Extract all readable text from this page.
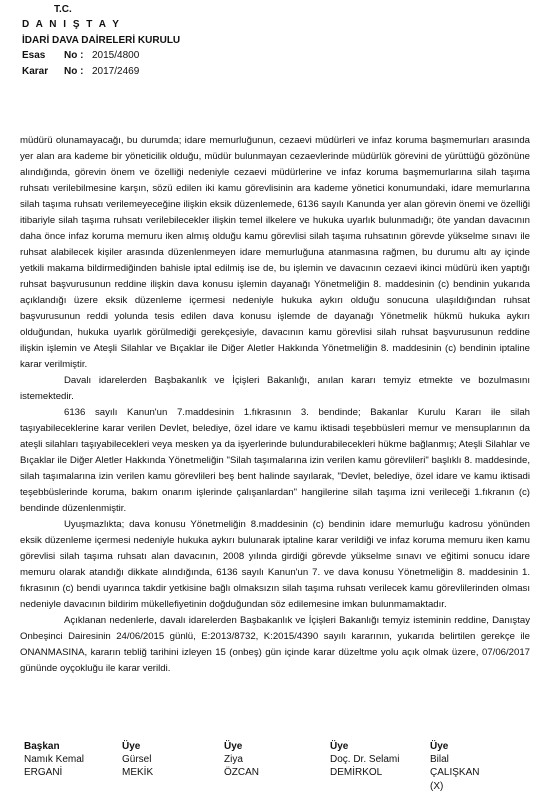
T.C.
D A N I Ş T A Y
İDARİ DAVA DAİRELERİ KURULU
Esas No : 2015/4800
Karar No : 2017/2469

müdürü olunamayacağı, bu durumda; idare memurluğunun, cezaevi müdürleri ve infaz koruma başmemurları arasında yer alan ara kademe bir yöneticilik olduğu, müdür bulunmayan cezaevlerinde müdürlük görevini de yürüttüğü gözönüne alındığında, görevin önem ve özelliği nedeniyle cezaevi müdürlerine ve infaz koruma başmemurlarına silah taşıma ruhsatı verilebilmesine karşın, sözü edilen iki kamu görevlisinin ara kademe yönetici konumundaki, idare memurlarına silah taşıma ruhsatı verilemeyeceğine ilişkin eksik düzenlemede, 6136 sayılı Kanunda yer alan görevin önemi ve özelliği itibariyle silah taşıma ruhsatı verilebilecekler ilişkin temel ilkelere ve hukuka uyarlık bulunmadığı; öte yandan davacının daha önce infaz koruma memuru iken almış olduğu kamu görevlisi silah taşıma ruhsatının görevde yükselme sınavı ile ruhsat alabilecek kişiler arasında düzenlenmeyen idare memurluğuna atanmasına rağmen, bu durumu altı ay içinde yetkili makama bildirmediğinden bahisle iptal edilmiş ise de, bu işlemin ve davacının cezaevi ikinci müdürü iken yaptığı ruhsat başvurusunun reddine ilişkin dava konusu işlemin dayanağı Yönetmeliğin 8. maddesinin (c) bendinin yukarıda açıklandığı üzere eksik düzenleme içermesi nedeniyle hukuka aykırı olduğu sonucuna ulaşıldığından ruhsat başvurusunun reddi yolunda tesis edilen dava konusu işlemde de dayanağı Yönetmelik hükmü hukuka aykırı olduğundan, hukuka uyarlık görülmediği gerekçesiyle, davacının kamu görevlisi silah ruhsat başvurusunun reddine ilişkin işlemin ve Ateşli Silahlar ve Bıçaklar ile Diğer Aletler Hakkında Yönetmeliğin 8. maddesinin (c) bendinin iptaline karar verilmiştir.

Davalı idarelerden Başbakanlık ve İçişleri Bakanlığı, anılan kararı temyiz etmekte ve bozulmasını istemektedir.

6136 sayılı Kanun'un 7.maddesinin 1.fıkrasının 3. bendinde; Bakanlar Kurulu Kararı ile silah taşıyabileceklerine karar verilen Devlet, belediye, özel idare ve kamu iktisadi teşebbüsleri memur ve mensuplarının da ateşli silahları taşıyabilecekleri veya mesken ya da işyerlerinde bulundurabilecekleri hükme bağlanmış; Ateşli Silahlar ve Bıçaklar ile Diğer Aletler Hakkında Yönetmeliğin "Silah taşımalarına izin verilen kamu görevlileri" başlıklı 8. maddesinde, silah taşımalarına izin verilen kamu görevlileri beş bent halinde sayılarak, "Devlet, belediye, özel idare ve kamu iktisadi teşebbüslerinde koruma, bakım onarım işlerinde çalışanlardan" hangilerine silah taşıma izni verileceği 1.fıkranın (c) bendinde düzenlenmiştir.

Uyuşmazlıkta; dava konusu Yönetmeliğin 8.maddesinin (c) bendinin idare memurluğu kadrosu yönünden eksik düzenleme içermesi nedeniyle hukuka aykırı bulunarak iptaline karar verildiği ve infaz koruma memuru iken kamu görevlisi silah taşıma ruhsatı alan davacının, 2008 yılında girdiği görevde yükselme sınavı ve eğitimi sonucu idare memuru olarak atandığı dikkate alındığında, 6136 sayılı Kanun'un 7. ve dava konusu Yönetmeliğin 8. maddesinin 1. fıkrasının (c) bendi uyarınca takdir yetkisine bağlı olmaksızın silah taşıma ruhsatı verilecek kamu görevlilerinden olması nedeniyle davacının bildirim mükellefiyetinin doğduğundan söz edilemesine imkan bulunmamaktadır.

Açıklanan nedenlerle, davalı idarelerden Başbakanlık ve İçişleri Bakanlığı temyiz isteminin reddine, Danıştay Onbeşinci Dairesinin 24/06/2015 günlü, E:2013/8732, K:2015/4390 sayılı kararının, yukarıda belirtilen gerekçe ile ONANMASINA, kararın tebliğ tarihini izleyen 15 (onbeş) gün içinde karar düzeltme yolu açık olmak üzere, 07/06/2017 gününde oyçokluğu ile karar verildi.

Başkan
Namık Kemal
ERGANİ
Üye
Gürsel
MEKİK
Üye
Ziya
ÖZCAN
Üye
Doç. Dr. Selami
DEMİRKOL
Üye
Bilal
ÇALIŞKAN
(X)
